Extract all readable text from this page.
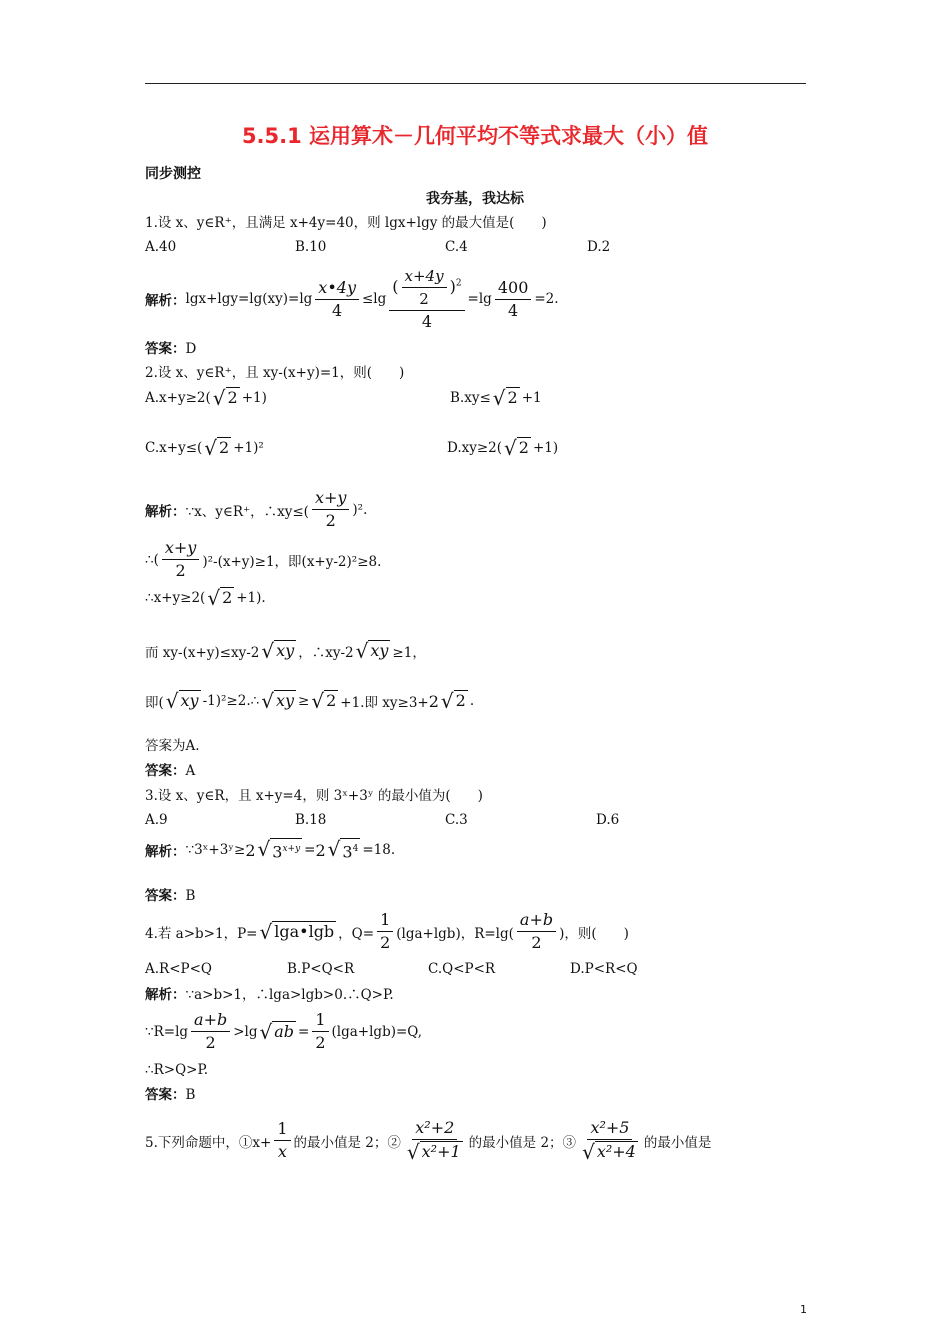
5.5.1 运用算术－几何平均不等式求最大（小）值
同步测控
我夯基，我达标
1.设 x、y∈R⁺，且满足 x+4y=40，则 lgx+lgy 的最大值是(　　)
A.40	B.10	C.4	D.2
解析： $\lg x+\lg y=\lg(xy)=\lg \frac{x•4y}{4} \le\lg \frac{( \frac{x+4y}{2} )^2}{4} =\lg \frac{400}{4} =2$.
答案：D
2.设 x、y∈R⁺，且 xy-(x+y)=1，则(　　)
A.x+y≥2( √ 2 +1)	B.xy≤ √ 2 +1
C.x+y≤( √ 2 +1)²	D.xy≥2( √ 2 +1)
解析： ∵x、y∈R⁺，∴xy≤( $\frac{x+y}{2} )^2$.
∴( $\frac{x+y}{2} )^2-(x+y)\ge 1$，即(x+y-2)²≥8.
∴x+y≥2( √ 2 +1).
而 xy-(x+y)≤xy-2 √ xy ，∴xy-2 √ xy ≥1，
即( √ xy -1)²≥2.∴ √ xy ≥ √ 2 +1.即 xy≥3+ 2 √ 2 .
答案为A.
答案：A
3.设 x、y∈R，且 x+y=4，则 3ˣ+3ʸ 的最小值为(　　)
A.9	B.18	C.3	D.6
解析： ∵3ˣ+3ʸ≥ 2 √ $3^{x+y} = 2$ √ $3^4 =18$.
答案：B
4.若 a>b>1，P= √ lga•lgb ，$Q= \frac{1}{2} (\lg a+\lg b)$，$R=\lg( \frac{a+b}{2}$ )，则(　　)
A.R<P<Q	B.P<Q<R	C.Q<P<R	D.P<R<Q
解析：∵a>b>1，∴lga>lgb>0.∴Q>P.
∵R=lg $\frac{a+b}{2} >\lg$ √ ab = $\frac{1}{2} (\lg a+\lg b)=Q$,
∴R>Q>P.
答案：B
5.下列命题中，①x+ $\frac{1}{x}$ 的最小值是 2；② $\frac{\text{x²+2}}{\text{√ x²+1}}$ 的最小值是 2；③ $\frac{\text{x²+5}}{\text{√ x²+4}}$ 的最小值是
1
